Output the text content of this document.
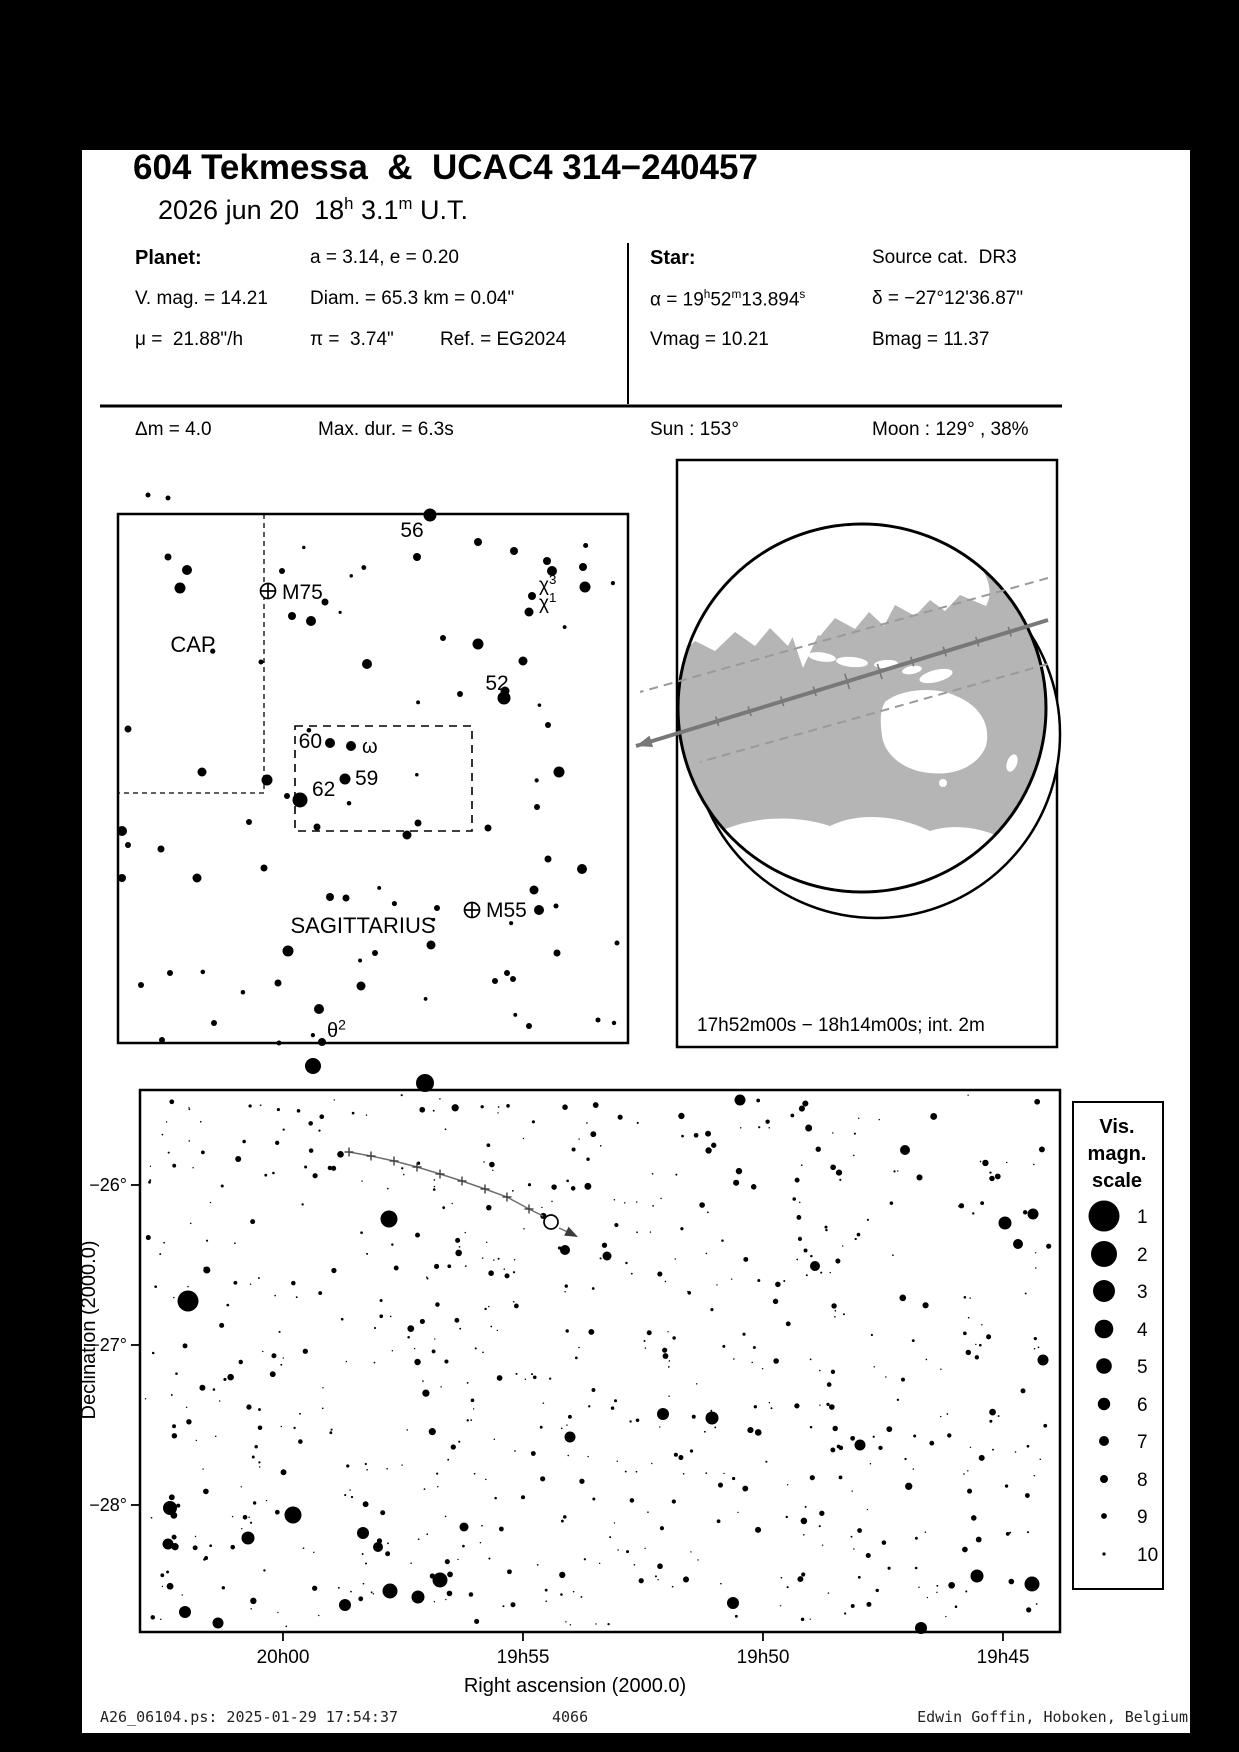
604 Tekmessa  &  UCAC4 314−240457
2026 jun 20  18$^h$ 3.1$^m$ U.T.
Planet:	a = 3.14, e = 0.20	Star:	Source cat.  DR3
V. mag. = 14.21 Diam. = 65.3 km = 0.04"	$\alpha = 19^h52^m13.894^s$	δ = −27°12'36.87"
μ =  21.88"/h	π =  3.74" Ref. = EG2024	Vmag = 10.21	Bmag = 11.37
Δm = 4.0	Max. dur. = 6.3s	Sun : 153°	Moon : 129° , 38%
56
M75
CAP
52
$\chi^3$
$\chi^1$
60 ω
59
62
SAGITTARIUS
M55
$\theta^2$	17h52m00s − 18h14m00s; int. 2m
20h00	19h55	19h50	19h45
−26°
−27°
−28°
Right ascension (2000.0)
Declination (2000.0)
Vis.
magn.
scale
1
2
3
4
5
6
7
8
9
10
A26_06104.ps: 2025-01-29 17:54:37	4066	Edwin Goffin, Hoboken, Belgium
